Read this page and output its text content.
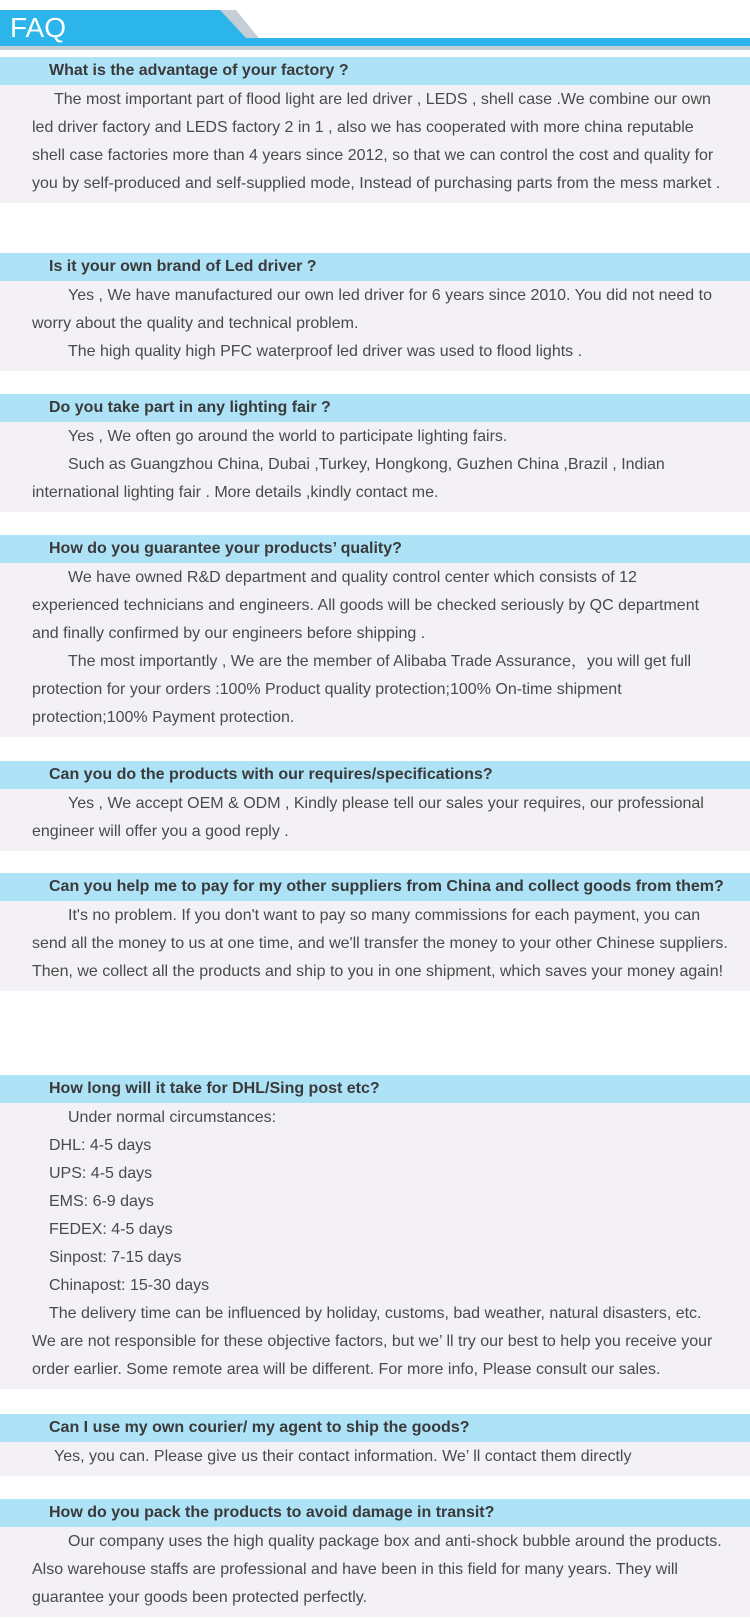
FAQ
What is the advantage of your factory ?

The most important part of flood light are led driver , LEDS , shell case .We combine our own led driver factory and LEDS factory 2 in 1 , also we has cooperated with more china reputable shell case factories more than 4 years since 2012, so that we can control the cost and quality for you by self-produced and self-supplied mode, Instead of purchasing parts from the mess market .

Is it your own brand of Led driver ?

Yes , We have manufactured our own led driver for 6 years since 2010. You did not need to worry about the quality and technical problem.

The high quality high PFC waterproof led driver was used to flood lights .

Do you take part in any lighting fair ?

Yes , We often go around the world to participate lighting fairs.

Such as Guangzhou China, Dubai ,Turkey, Hongkong, Guzhen China ,Brazil , Indian international lighting fair . More details ,kindly contact me.

How do you guarantee your products’ quality?

We have owned R&D department and quality control center which consists of 12 experienced technicians and engineers. All goods will be checked seriously by QC department and finally confirmed by our engineers before shipping .

The most importantly , We are the member of Alibaba Trade Assurance，you will get full protection for your orders :100% Product quality protection;100% On-time shipment protection;100% Payment protection.

Can you do the products with our requires/specifications?

Yes , We accept OEM & ODM , Kindly please tell our sales your requires, our professional engineer will offer you a good reply .

Can you help me to pay for my other suppliers from China and collect goods from them?

It's no problem. If you don't want to pay so many commissions for each payment, you can send all the money to us at one time, and we'll transfer the money to your other Chinese suppliers. Then, we collect all the products and ship to you in one shipment, which saves your money again!

How long will it take for DHL/Sing post etc?

Under normal circumstances:

DHL: 4-5 days

UPS: 4-5 days

EMS: 6-9 days

FEDEX: 4-5 days

Sinpost: 7-15 days

Chinapost: 15-30 days

The delivery time can be influenced by holiday, customs, bad weather, natural disasters, etc. We are not responsible for these objective factors, but we’ ll try our best to help you receive your order earlier. Some remote area will be different. For more info, Please consult our sales.

Can I use my own courier/ my agent to ship the goods?

Yes, you can. Please give us their contact information. We’ ll contact them directly

How do you pack the products to avoid damage in transit?

Our company uses the high quality package box and anti-shock bubble around the products. Also warehouse staffs are professional and have been in this field for many years. They will guarantee your goods been protected perfectly.
